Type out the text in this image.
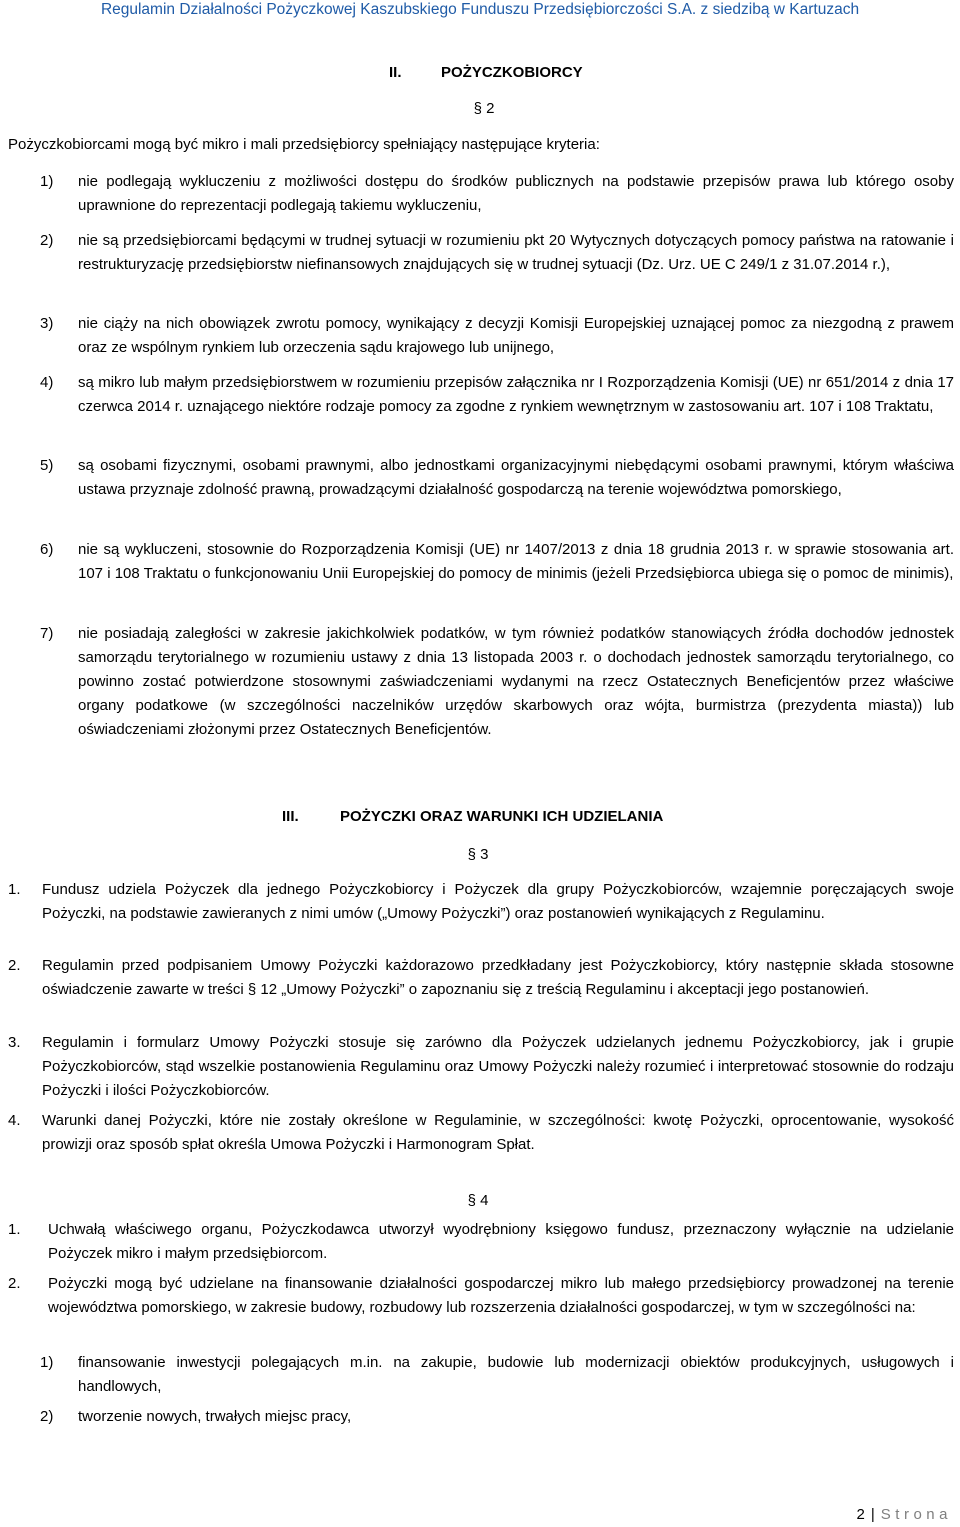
Regulamin Działalności Pożyczkowej Kaszubskiego Funduszu Przedsiębiorczości S.A. z siedzibą w Kartuzach
II.	POŻYCZKOBIORCY
§ 2
Pożyczkobiorcami mogą być mikro i mali przedsiębiorcy spełniający następujące kryteria:
1) nie podlegają wykluczeniu z możliwości dostępu do środków publicznych na podstawie przepisów prawa lub którego osoby uprawnione do reprezentacji podlegają takiemu wykluczeniu,
2) nie są przedsiębiorcami będącymi w trudnej sytuacji w rozumieniu pkt 20 Wytycznych dotyczących pomocy państwa na ratowanie i restrukturyzację przedsiębiorstw niefinansowych znajdujących się w trudnej sytuacji (Dz. Urz. UE C 249/1 z 31.07.2014 r.),
3) nie ciąży na nich obowiązek zwrotu pomocy, wynikający z decyzji Komisji Europejskiej uznającej pomoc za niezgodną z prawem oraz ze wspólnym rynkiem lub orzeczenia sądu krajowego lub unijnego,
4) są mikro lub małym przedsiębiorstwem w rozumieniu przepisów załącznika nr I Rozporządzenia Komisji (UE) nr 651/2014 z dnia 17 czerwca 2014 r. uznającego niektóre rodzaje pomocy za zgodne z rynkiem wewnętrznym w zastosowaniu art. 107 i 108 Traktatu,
5) są osobami fizycznymi, osobami prawnymi, albo jednostkami organizacyjnymi niebędącymi osobami prawnymi, którym właściwa ustawa przyznaje zdolność prawną, prowadzącymi działalność gospodarczą na terenie województwa pomorskiego,
6) nie są wykluczeni, stosownie do Rozporządzenia Komisji (UE) nr 1407/2013 z dnia 18 grudnia 2013 r. w sprawie stosowania art. 107 i 108 Traktatu o funkcjonowaniu Unii Europejskiej do pomocy de minimis (jeżeli Przedsiębiorca ubiega się o pomoc de minimis),
7) nie posiadają zaległości w zakresie jakichkolwiek podatków, w tym również podatków stanowiących źródła dochodów jednostek samorządu terytorialnego w rozumieniu ustawy z dnia 13 listopada 2003 r. o dochodach jednostek samorządu terytorialnego, co powinno zostać potwierdzone stosownymi zaświadczeniami wydanymi na rzecz Ostatecznych Beneficjentów przez właściwe organy podatkowe (w szczególności naczelników urzędów skarbowych oraz wójta, burmistrza (prezydenta miasta)) lub oświadczeniami złożonymi przez Ostatecznych Beneficjentów.
III.	POŻYCZKI ORAZ WARUNKI ICH UDZIELANIA
§ 3
1. Fundusz udziela Pożyczek dla jednego Pożyczkobiorcy i Pożyczek dla grupy Pożyczkobiorców, wzajemnie poręczających swoje Pożyczki, na podstawie zawieranych z nimi umów („Umowy Pożyczki”) oraz postanowień wynikających z Regulaminu.
2. Regulamin przed podpisaniem Umowy Pożyczki każdorazowo przedkładany jest Pożyczkobiorcy, który następnie składa stosowne oświadczenie zawarte w treści § 12 „Umowy Pożyczki” o zapoznaniu się z treścią Regulaminu i akceptacji jego postanowień.
3. Regulamin i formularz Umowy Pożyczki stosuje się zarówno dla Pożyczek udzielanych jednemu Pożyczkobiorcy, jak i grupie Pożyczkobiorców, stąd wszelkie postanowienia Regulaminu oraz Umowy Pożyczki należy rozumieć i interpretować stosownie do rodzaju Pożyczki i ilości Pożyczkobiorców.
4. Warunki danej Pożyczki, które nie zostały określone w Regulaminie, w szczególności: kwotę Pożyczki, oprocentowanie, wysokość prowizji oraz sposób spłat określa Umowa Pożyczki i Harmonogram Spłat.
§ 4
1. Uchwałą właściwego organu, Pożyczkodawca utworzył wyodrębniony księgowo fundusz, przeznaczony wyłącznie na udzielanie Pożyczek mikro i małym przedsiębiorcom.
2. Pożyczki mogą być udzielane na finansowanie działalności gospodarczej mikro lub małego przedsiębiorcy prowadzonej na terenie województwa pomorskiego, w zakresie budowy, rozbudowy lub rozszerzenia działalności gospodarczej, w tym w szczególności na:
1) finansowanie inwestycji polegających m.in. na zakupie, budowie lub modernizacji obiektów produkcyjnych, usługowych i handlowych,
2) tworzenie nowych, trwałych miejsc pracy,
2 | Strona
